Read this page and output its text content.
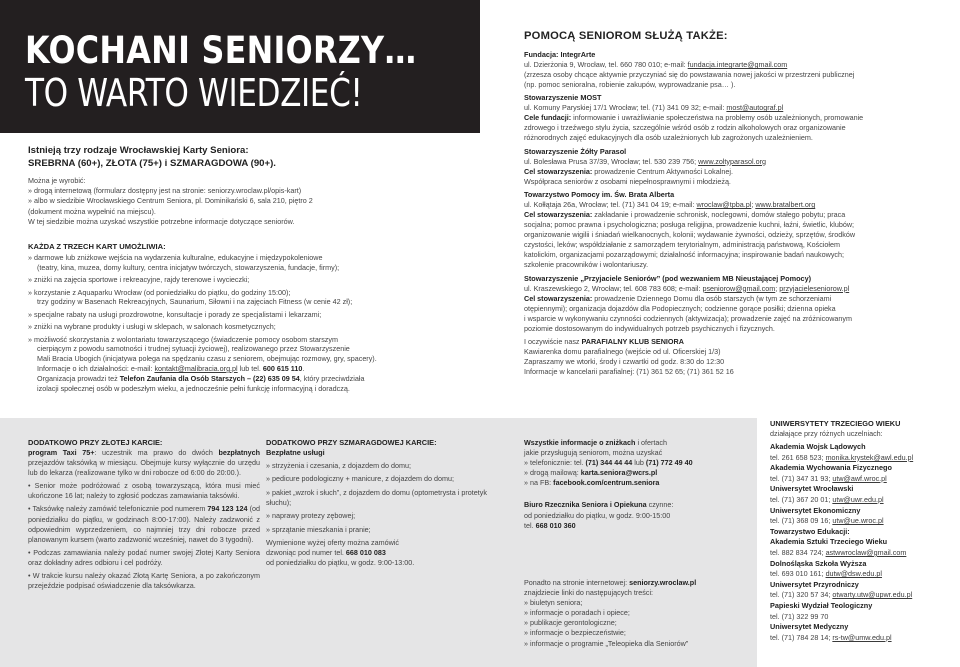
KOCHANI SENIORZY…
TO WARTO WIEDZIEĆ!
Istnieją trzy rodzaje Wrocławskiej Karty Seniora:
SREBRNA (60+), ZŁOTA (75+) i SZMARAGDOWA (90+).
Można je wyrobić:
» drogą internetową (formularz dostępny jest na stronie: seniorzy.wroclaw.pl/opis-kart)
» albo w siedzibie Wrocławskiego Centrum Seniora, pl. Dominikański 6, sala 210, piętro 2
(dokument można wypełnić na miejscu).
W tej siedzibie można uzyskać wszystkie potrzebne informacje dotyczące seniorów.
KAŻDA Z TRZECH KART UMOŻLIWIA:
» darmowe lub zniżkowe wejścia na wydarzenia kulturalne, edukacyjne i międzypokoleniowe
(teatry, kina, muzea, domy kultury, centra inicjatyw twórczych, stowarzyszenia, fundacje, firmy);
» zniżki na zajęcia sportowe i rekreacyjne, rajdy terenowe i wycieczki;
» korzystanie z Aquaparku Wrocław (od poniedziałku do piątku, do godziny 15:00);
trzy godziny w Basenach Rekreacyjnych, Saunarium, Siłowni i na zajęciach Fitness (w cenie 42 zł);
» specjalne rabaty na usługi prozdrowotne, konsultacje i porady ze specjalistami i lekarzami;
» zniżki na wybrane produkty i usługi w sklepach, w salonach kosmetycznych;
» możliwość skorzystania z wolontariatu towarzyszącego (świadczenie pomocy osobom starszym
cierpiącym z powodu samotności i trudnej sytuacji życiowej), realizowanego przez Stowarzyszenie
Mali Bracia Ubogich (inicjatywa polega na spędzaniu czasu z seniorem, obejmując rozmowy, gry, spacery).
Informacje o ich działalności: e-mail: kontakt@malibracia.org.pl lub tel. 600 615 110.
Organizacja prowadzi też Telefon Zaufania dla Osób Starszych – (22) 635 09 54, który przeciwdziała
izolacji społecznej osób w podeszłym wieku, a jednocześnie pełni funkcję informacyjną i doradczą.
POMOCĄ SENIOROM SŁUŻĄ TAKŻE:
Fundacja: IntegrArte
ul. Dzierżonia 9, Wrocław, tel. 660 780 010; e-mail: fundacja.integrarte@gmail.com
(zrzesza osoby chcące aktywnie przyczyniać się do powstawania nowej jakości w przestrzeni publicznej
(np. pomoc senioralna, robienie zakupów, wyprowadzanie psa… ).
Stowarzyszenie MOST
ul. Komuny Paryskiej 17/1 Wrocław; tel. (71) 341 09 32; e-mail: most@autograf.pl
Cele fundacji: informowanie i uwrażliwianie społeczeństwa na problemy osób uzależnionych, promowanie
zdrowego i trzeźwego stylu życia, szczególnie wśród osób z rodzin alkoholowych oraz organizowanie
różnorodnych zajęć edukacyjnych dla osób uzależnionych lub zagrożonych uzależnieniem.
Stowarzyszenie Żółty Parasol
ul. Bolesława Prusa 37/39, Wrocław; tel. 530 239 756; www.zoltyparasol.org
Cel stowarzyszenia: prowadzenie Centrum Aktywności Lokalnej.
Współpraca seniorów z osobami niepełnosprawnymi i młodzieżą.
Towarzystwo Pomocy im. Św. Brata Alberta
ul. Kołłątaja 26a, Wrocław; tel. (71) 341 04 19; e-mail: wroclaw@tpba.pl; www.bratalbert.org
Cel stowarzyszenia: zakładanie i prowadzenie schronisk, noclegowni, domów stałego pobytu; praca
socjalna; pomoc prawna i psychologiczna; posługa religijna, prowadzenie kuchni, łaźni, świetlic, klubów;
organizowanie wigilii i śniadań wielkanocnych, kolonii; wydawanie żywności, odzieży, sprzętów, środków
czystości, leków; współdziałanie z samorządem terytorialnym, administracją państwową, Kościołem
katolickim, organizacjami pozarządowymi; działalność informacyjna; inspirowanie badań naukowych;
szkolenie pracowników i wolontariuszy.
Stowarzyszenie „Przyjaciele Seniorów” (pod wezwaniem MB Nieustającej Pomocy)
ul. Kraszewskiego 2, Wrocław; tel. 608 783 608; e-mail: pseniorow@gmail.com; przyjacieleseniorow.pl
Cel stowarzyszenia: prowadzenie Dziennego Domu dla osób starszych (w tym ze schorzeniami
otępiennymi); organizacja dojazdów dla Podopiecznych; codzienne gorące posiłki; dzienna opieka
i wsparcie w wykonywaniu czynności codziennych (aktywizacja); prowadzenie zajęć na zróżnicowanym
poziomie dostosowanym do indywidualnych potrzeb psychicznych i fizycznych.
I oczywiście nasz PARAFIALNY KLUB SENIORA
Kawiarenka domu parafialnego (wejście od ul. Oficerskiej 1/3)
Zapraszamy we wtorki, środy i czwartki od godz. 8:30 do 12:30
Informacje w kancelarii parafialnej: (71) 361 52 65; (71) 361 52 16
DODATKOWO PRZY ZŁOTEJ KARCIE:

program Taxi 75+: uczestnik ma prawo do dwóch bezpłatnych przejazdów taksówką w miesiącu. Obejmuje kursy wyłącznie do urzędu lub do lekarza (realizowane tylko w dni robocze od 6:00 do 20:00.).

• Senior może podróżować z osobą towarzyszącą, która musi mieć ukończone 16 lat; należy to zgłosić podczas zamawiania taksówki.

• Taksówkę należy zamówić telefonicznie pod numerem 794 123 124 (od poniedziałku do piątku, w godzinach 8:00-17:00). Należy zadzwonić z odpowiednim wyprzedzeniem, co najmniej trzy dni robocze przed planowanym kursem (warto zadzwonić wcześniej, nawet do 3 tygodni).

• Podczas zamawiania należy podać numer swojej Złotej Karty Seniora oraz dokładny adres odbioru i cel podróży.

• W trakcie kursu należy okazać Złotą Kartę Seniora, a po zakończonym przejeździe podpisać oświadczenie dla taksówkarza.

DODATKOWO PRZY SZMARAGDOWEJ KARCIE:
Bezpłatne usługi
» strzyżenia i czesania, z dojazdem do domu;
» pedicure podologiczny + manicure, z dojazdem do domu;
» pakiet „wzrok i słuch”, z dojazdem do domu (optometrysta i protetyk słuchu);
» naprawy protezy zębowej;
» sprzątanie mieszkania i pranie;
Wymienione wyżej oferty można zamówić
dzwoniąc pod numer tel. 668 010 083
od poniedziałku do piątku, w godz. 9:00-13:00.
Wszystkie informacje o zniżkach i ofertach
jakie przysługują seniorom, można uzyskać
» telefonicznie: tel. (71) 344 44 44 lub (71) 772 49 40
» drogą mailową: karta.seniora@wcrs.pl
» na FB: facebook.com/centrum.seniora
Biuro Rzecznika Seniora i Opiekuna czynne:
od poniedziałku do piątku, w godz. 9:00-15:00
tel. 668 010 360
Ponadto na stronie internetowej: seniorzy.wroclaw.pl
znajdziecie linki do następujących treści:
» biuletyn seniora;
» informacje o poradach i opiece;
» publikacje gerontologiczne;
» informacje o bezpieczeństwie;
» informacje o programie „Teleopieka dla Seniorów”
UNIWERSYTETY TRZECIEGO WIEKU
działające przy różnych uczelniach:
Akademia Wojsk Lądowych
tel. 261 658 523; monika.krystek@awl.edu.pl
Akademia Wychowania Fizycznego
tel. (71) 347 31 93; utw@awf.wroc.pl
Uniwersytet Wrocławski
tel. (71) 367 20 01; utw@uwr.edu.pl
Uniwersytet Ekonomiczny
tel. (71) 368 09 16; utw@ue.wroc.pl
Towarzystwo Edukacji:
Akademia Sztuki Trzeciego Wieku
tel. 882 834 724; astwwroclaw@gmail.com
Dolnośląska Szkoła Wyższa
tel. 693 010 161; dutw@dsw.edu.pl
Uniwersytet Przyrodniczy
tel. (71) 320 57 34; otwarty.utw@upwr.edu.pl
Papieski Wydział Teologiczny
tel. (71) 322 99 70
Uniwersytet Medyczny
tel. (71) 784 28 14; rs-tw@umw.edu.pl
